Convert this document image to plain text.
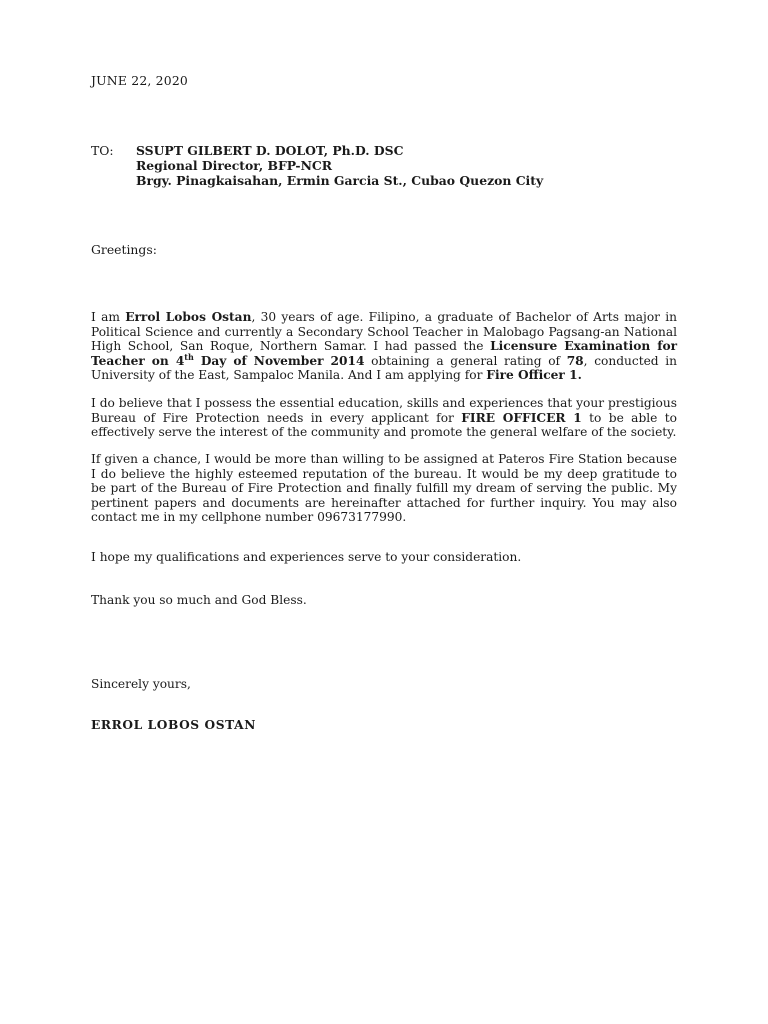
JUNE 22, 2020
TO: SSUPT GILBERT D. DOLOT, Ph.D. DSC
Regional Director, BFP-NCR
Brgy. Pinagkaisahan, Ermin Garcia St., Cubao Quezon City
Greetings:
I am Errol Lobos Ostan, 30 years of age. Filipino, a graduate of Bachelor of Arts major in Political Science and currently a Secondary School Teacher in Malobago Pagsang-an National High School, San Roque, Northern Samar. I had passed the Licensure Examination for Teacher on 4th Day of November 2014 obtaining a general rating of 78, conducted in University of the East, Sampaloc Manila. And I am applying for Fire Officer 1.
I do believe that I possess the essential education, skills and experiences that your prestigious Bureau of Fire Protection needs in every applicant for FIRE OFFICER 1 to be able to effectively serve the interest of the community and promote the general welfare of the society.
If given a chance, I would be more than willing to be assigned at Pateros Fire Station because I do believe the highly esteemed reputation of the bureau. It would be my deep gratitude to be part of the Bureau of Fire Protection and finally fulfill my dream of serving the public. My pertinent papers and documents are hereinafter attached for further inquiry. You may also contact me in my cellphone number 09673177990.
I hope my qualifications and experiences serve to your consideration.
Thank you so much and God Bless.
Sincerely yours,
ERROL LOBOS OSTAN
